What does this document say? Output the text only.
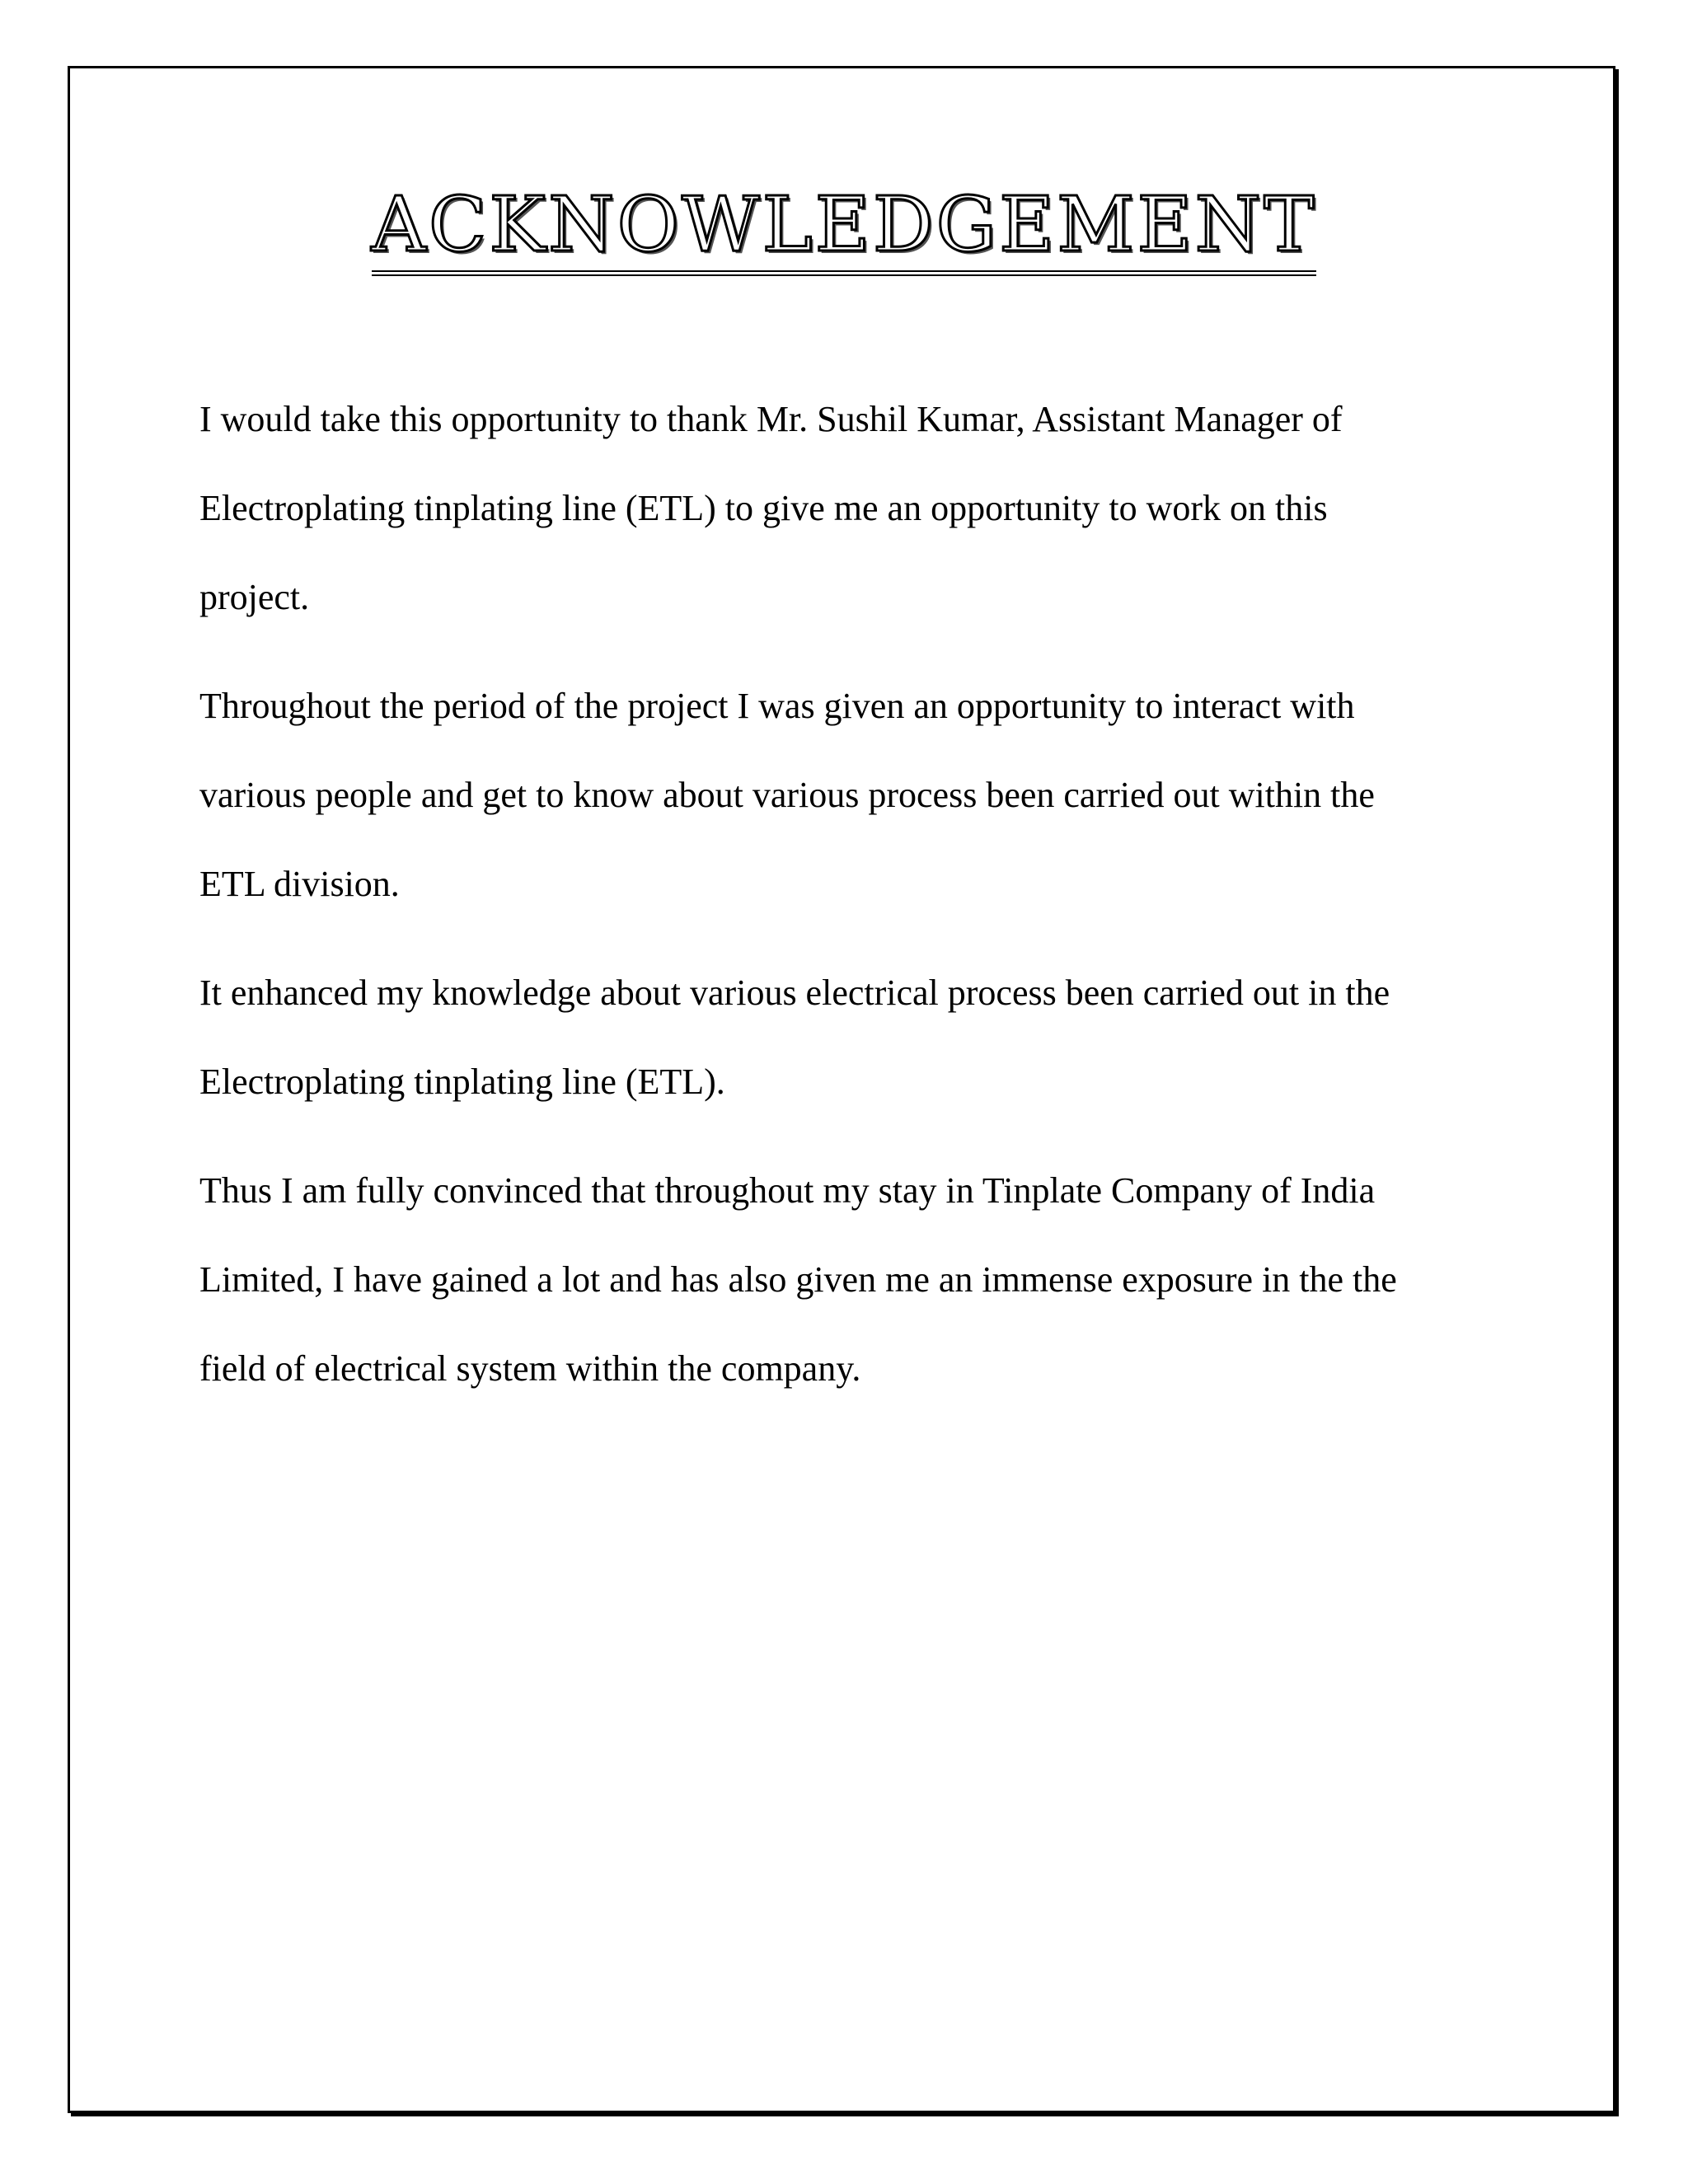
ACKNOWLEDGEMENT

I would take this opportunity to thank Mr. Sushil Kumar, Assistant Manager of
Electroplating tinplating line (ETL) to give me an opportunity to work on this
project.

Throughout the period of the project I was given an opportunity to interact with
various people and get to know about various process been carried out within the
ETL division.

It enhanced my knowledge about various electrical process been carried out in the
Electroplating tinplating line (ETL).

Thus I am fully convinced that throughout my stay in Tinplate Company of India
Limited, I have gained a lot and has also given me an immense exposure in the the
field of electrical system within the company.
